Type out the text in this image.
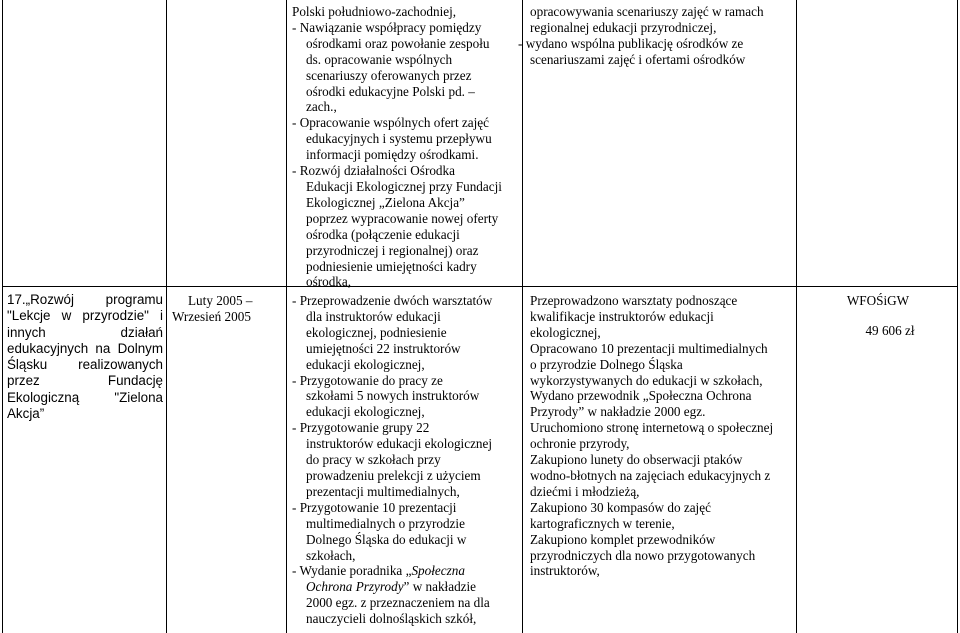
Polski południowo-zachodniej,

- Nawiązanie współpracy pomiędzy

ośrodkami oraz powołanie zespołu

ds. opracowanie wspólnych

scenariuszy oferowanych przez

ośrodki edukacyjne Polski pd. –

zach.,

- Opracowanie wspólnych ofert zajęć

edukacyjnych i systemu przepływu

informacji pomiędzy ośrodkami.

- Rozwój działalności Ośrodka

Edukacji Ekologicznej przy Fundacji

Ekologicznej „Zielona Akcja”

poprzez wypracowanie nowej oferty

ośrodka (połączenie edukacji

przyrodniczej i regionalnej) oraz

podniesienie umiejętności kadry

ośrodka,

opracowywania scenariuszy zajęć w ramach

regionalnej edukacji przyrodniczej,

- wydano wspólna publikację ośrodków ze

scenariuszami zajęć i ofertami ośrodków

17.„Rozwój programu

"Lekcje w przyrodzie" i

innych działań

edukacyjnych na Dolnym

Śląsku realizowanych

przez Fundację

Ekologiczną "Zielona

Akcja”

Luty 2005 –

Wrzesień 2005

- Przeprowadzenie dwóch warsztatów

dla instruktorów edukacji

ekologicznej, podniesienie

umiejętności 22 instruktorów

edukacji ekologicznej,

- Przygotowanie do pracy ze

szkołami 5 nowych instruktorów

edukacji ekologicznej,

- Przygotowanie grupy 22

instruktorów edukacji ekologicznej

do pracy w szkołach przy

prowadzeniu prelekcji z użyciem

prezentacji multimedialnych,

- Przygotowanie 10 prezentacji

multimedialnych o przyrodzie

Dolnego Śląska do edukacji w

szkołach,

- Wydanie poradnika „Społeczna

Ochrona Przyrody” w nakładzie

2000 egz. z przeznaczeniem na dla

nauczycieli dolnośląskich szkół,

Przeprowadzono warsztaty podnoszące

kwalifikacje instruktorów edukacji

ekologicznej,

Opracowano 10 prezentacji multimedialnych

o przyrodzie Dolnego Śląska

wykorzystywanych do edukacji w szkołach,

Wydano przewodnik „Społeczna Ochrona

Przyrody” w nakładzie 2000 egz.

Uruchomiono stronę internetową o społecznej

ochronie przyrody,

Zakupiono lunety do obserwacji ptaków

wodno-błotnych na zajęciach edukacyjnych z

dziećmi i młodzieżą,

Zakupiono 30 kompasów do zajęć

kartograficznych w terenie,

Zakupiono komplet przewodników

przyrodniczych dla nowo przygotowanych

instruktorów,

WFOŚiGW

49 606 zł
